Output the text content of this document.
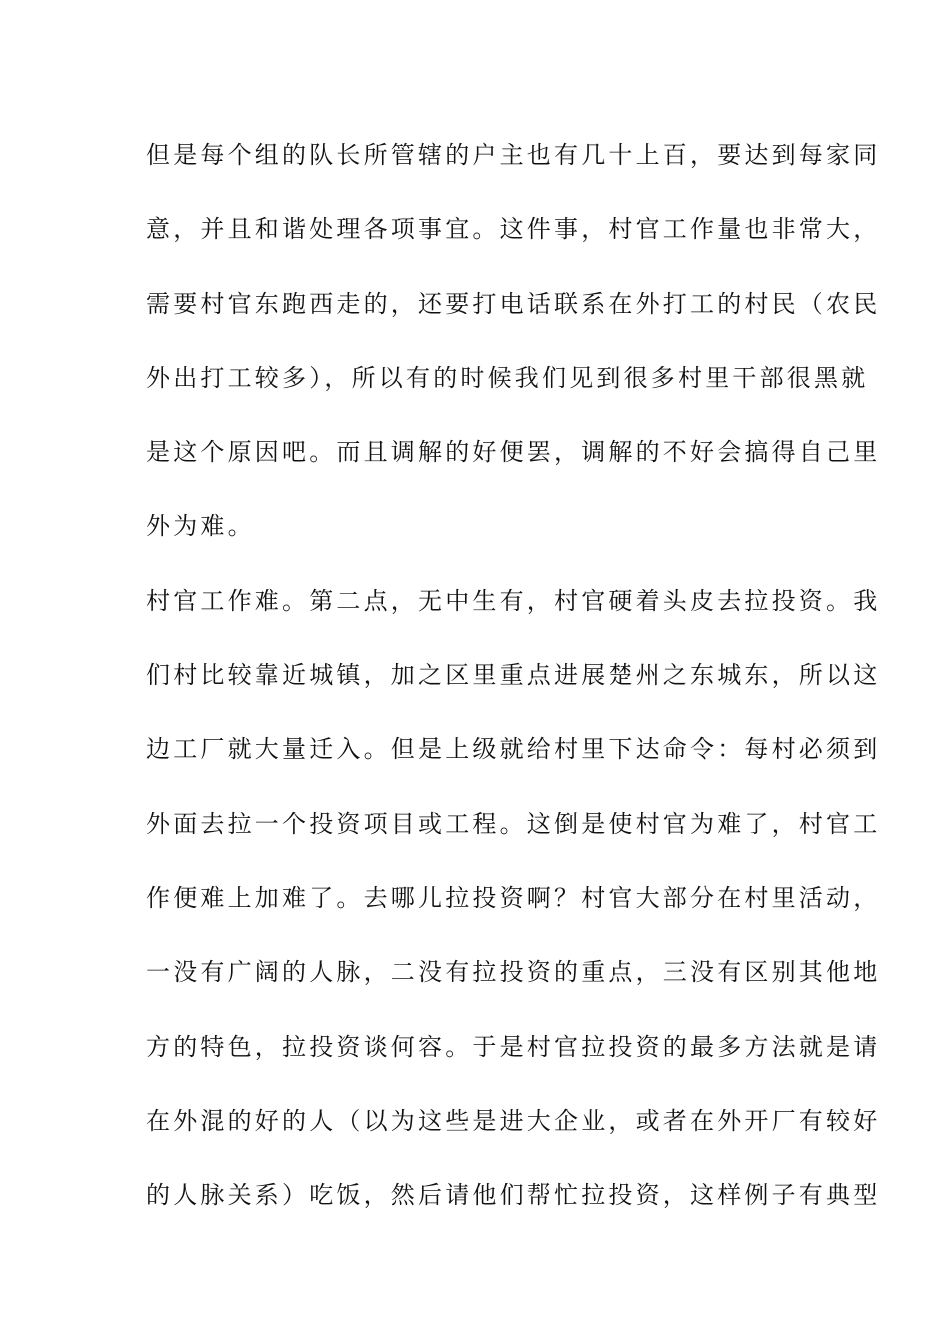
但是每个组的队长所管辖的户主也有几十上百，要达到每家同
意，并且和谐处理各项事宜。这件事，村官工作量也非常大，
需要村官东跑西走的，还要打电话联系在外打工的村民（农民
外出打工较多），所以有的时候我们见到很多村里干部很黑就
是这个原因吧。而且调解的好便罢，调解的不好会搞得自己里
外为难。
村官工作难。第二点，无中生有，村官硬着头皮去拉投资。我
们村比较靠近城镇，加之区里重点进展楚州之东城东，所以这
边工厂就大量迁入。但是上级就给村里下达命令：每村必须到
外面去拉一个投资项目或工程。这倒是使村官为难了，村官工
作便难上加难了。去哪儿拉投资啊？村官大部分在村里活动，
一没有广阔的人脉，二没有拉投资的重点，三没有区别其他地
方的特色，拉投资谈何容。于是村官拉投资的最多方法就是请
在外混的好的人（以为这些是进大企业，或者在外开厂有较好
的人脉关系）吃饭，然后请他们帮忙拉投资，这样例子有典型
